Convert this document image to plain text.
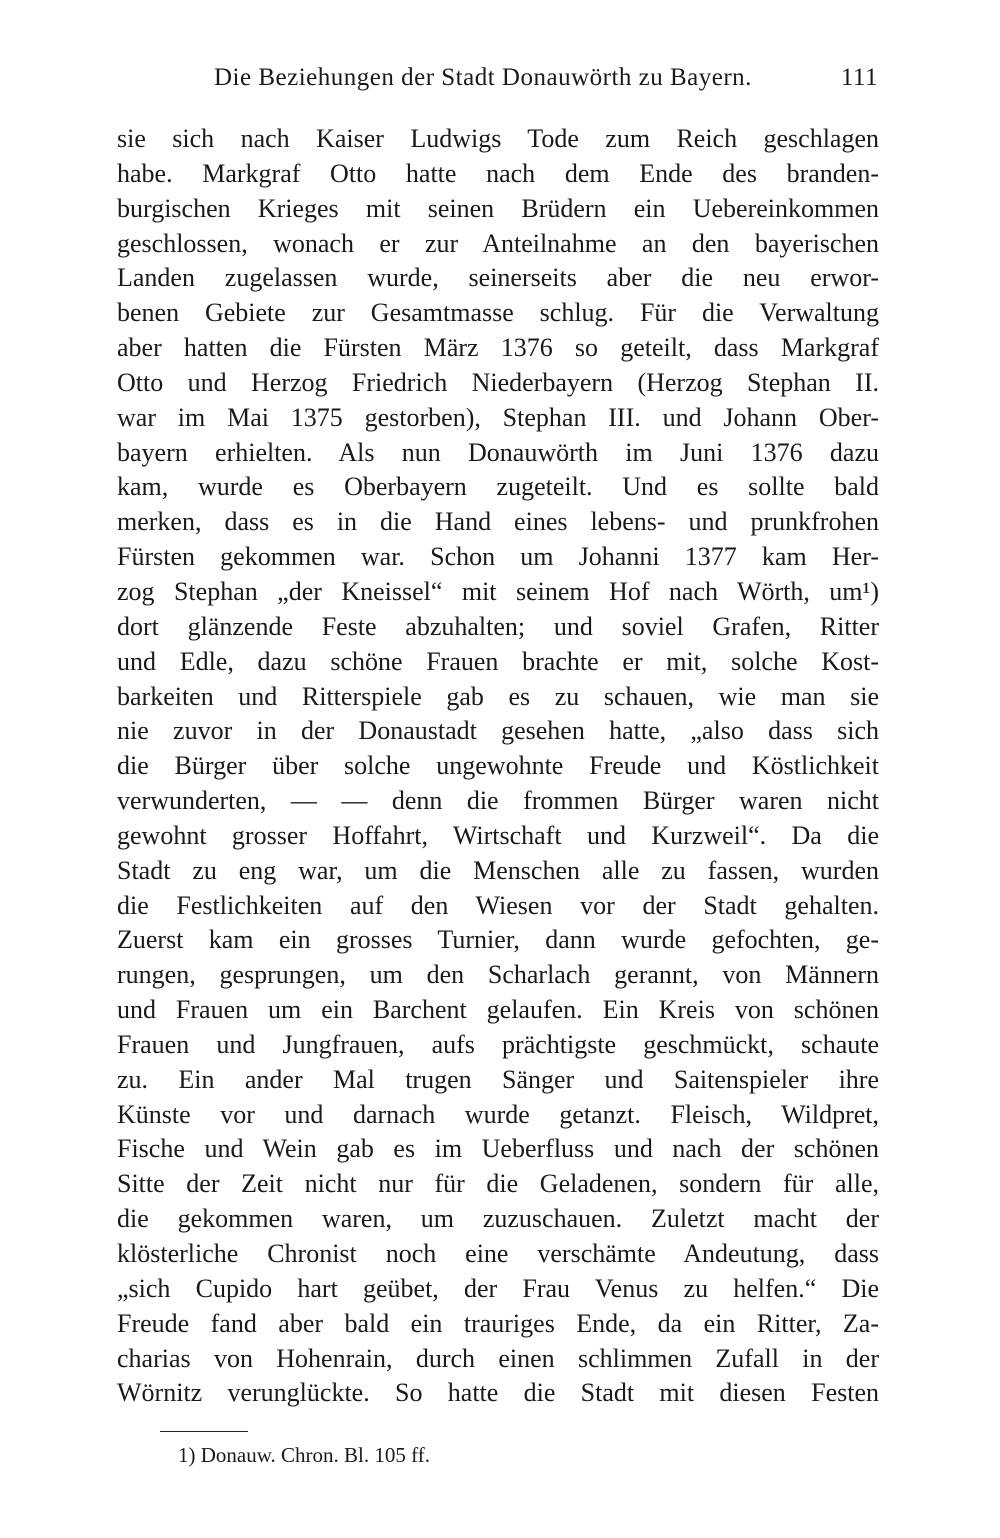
Die Beziehungen der Stadt Donauwörth zu Bayern.	111
sie sich nach Kaiser Ludwigs Tode zum Reich geschlagen
habe. Markgraf Otto hatte nach dem Ende des branden-
burgischen Krieges mit seinen Brüdern ein Uebereinkommen
geschlossen, wonach er zur Anteilnahme an den bayerischen
Landen zugelassen wurde, seinerseits aber die neu erwor-
benen Gebiete zur Gesamtmasse schlug. Für die Verwaltung
aber hatten die Fürsten März 1376 so geteilt, dass Markgraf
Otto und Herzog Friedrich Niederbayern (Herzog Stephan II.
war im Mai 1375 gestorben), Stephan III. und Johann Ober-
bayern erhielten. Als nun Donauwörth im Juni 1376 dazu
kam, wurde es Oberbayern zugeteilt. Und es sollte bald
merken, dass es in die Hand eines lebens- und prunkfrohen
Fürsten gekommen war. Schon um Johanni 1377 kam Her-
zog Stephan „der Kneissel“ mit seinem Hof nach Wörth, um¹)
dort glänzende Feste abzuhalten; und soviel Grafen, Ritter
und Edle, dazu schöne Frauen brachte er mit, solche Kost-
barkeiten und Ritterspiele gab es zu schauen, wie man sie
nie zuvor in der Donaustadt gesehen hatte, „also dass sich
die Bürger über solche ungewohnte Freude und Köstlichkeit
verwunderten, — — denn die frommen Bürger waren nicht
gewohnt grosser Hoffahrt, Wirtschaft und Kurzweil“. Da die
Stadt zu eng war, um die Menschen alle zu fassen, wurden
die Festlichkeiten auf den Wiesen vor der Stadt gehalten.
Zuerst kam ein grosses Turnier, dann wurde gefochten, ge-
rungen, gesprungen, um den Scharlach gerannt, von Männern
und Frauen um ein Barchent gelaufen. Ein Kreis von schönen
Frauen und Jungfrauen, aufs prächtigste geschmückt, schaute
zu. Ein ander Mal trugen Sänger und Saitenspieler ihre
Künste vor und darnach wurde getanzt. Fleisch, Wildpret,
Fische und Wein gab es im Ueberfluss und nach der schönen
Sitte der Zeit nicht nur für die Geladenen, sondern für alle,
die gekommen waren, um zuzuschauen. Zuletzt macht der
klösterliche Chronist noch eine verschämte Andeutung, dass
„sich Cupido hart geübet, der Frau Venus zu helfen.“ Die
Freude fand aber bald ein trauriges Ende, da ein Ritter, Za-
charias von Hohenrain, durch einen schlimmen Zufall in der
Wörnitz verunglückte. So hatte die Stadt mit diesen Festen
1) Donauw. Chron. Bl. 105 ff.
